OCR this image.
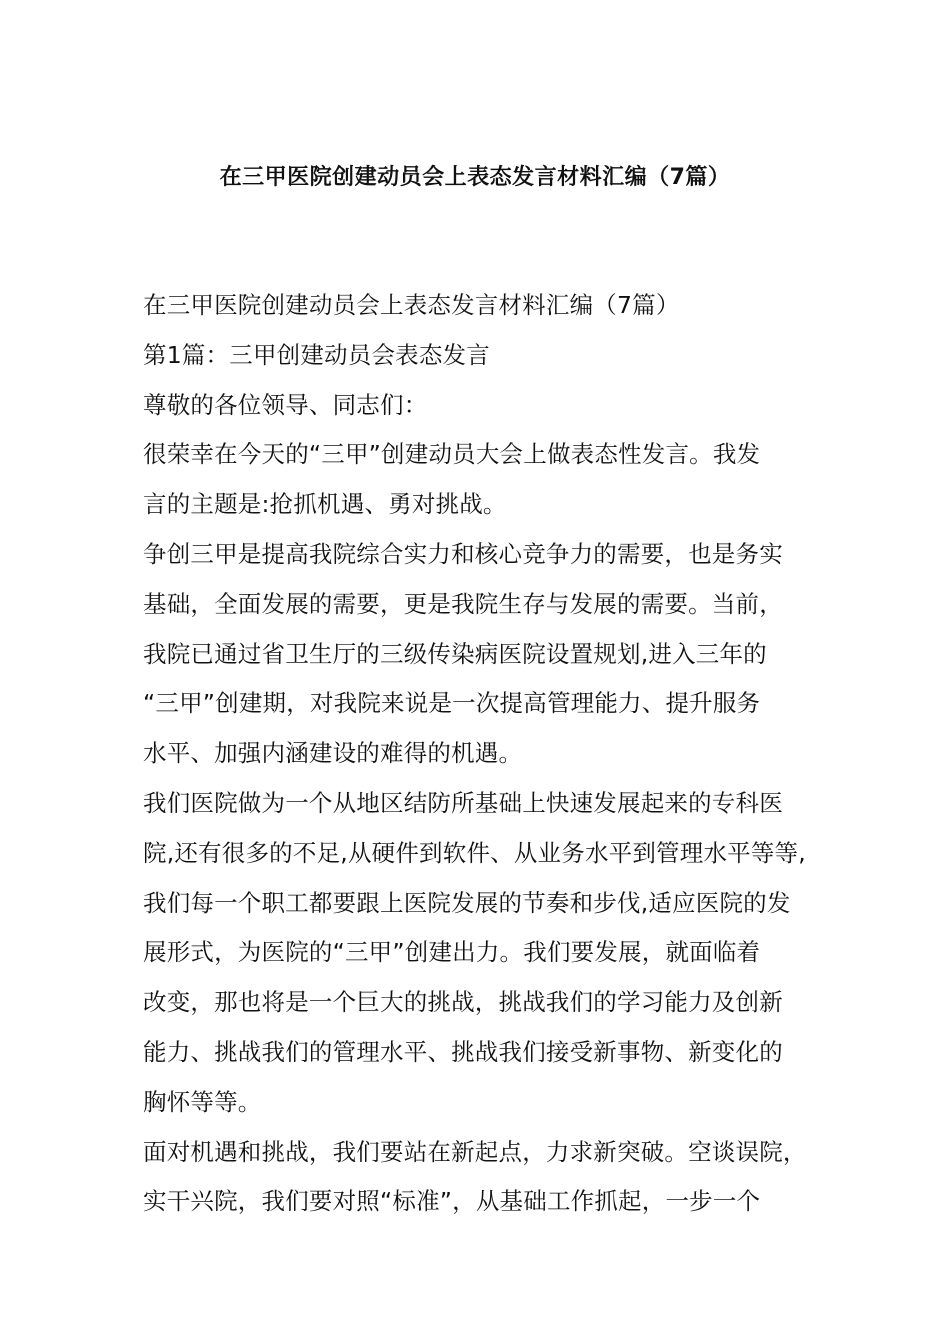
在三甲医院创建动员会上表态发言材料汇编（7篇）
在三甲医院创建动员会上表态发言材料汇编（7篇）
第1篇：三甲创建动员会表态发言
尊敬的各位领导、同志们：
很荣幸在今天的“三甲”创建动员大会上做表态性发言。我发
言的主题是:抢抓机遇、勇对挑战。
争创三甲是提高我院综合实力和核心竞争力的需要，也是务实
基础，全面发展的需要，更是我院生存与发展的需要。当前，
我院已通过省卫生厅的三级传染病医院设置规划,进入三年的
“三甲”创建期，对我院来说是一次提高管理能力、提升服务
水平、加强内涵建设的难得的机遇。
我们医院做为一个从地区结防所基础上快速发展起来的专科医
院,还有很多的不足,从硬件到软件、从业务水平到管理水平等等,
我们每一个职工都要跟上医院发展的节奏和步伐,适应医院的发
展形式，为医院的“三甲”创建出力。我们要发展，就面临着
改变，那也将是一个巨大的挑战，挑战我们的学习能力及创新
能力、挑战我们的管理水平、挑战我们接受新事物、新变化的
胸怀等等。
面对机遇和挑战，我们要站在新起点，力求新突破。空谈误院，
实干兴院，我们要对照“标准”，从基础工作抓起，一步一个
